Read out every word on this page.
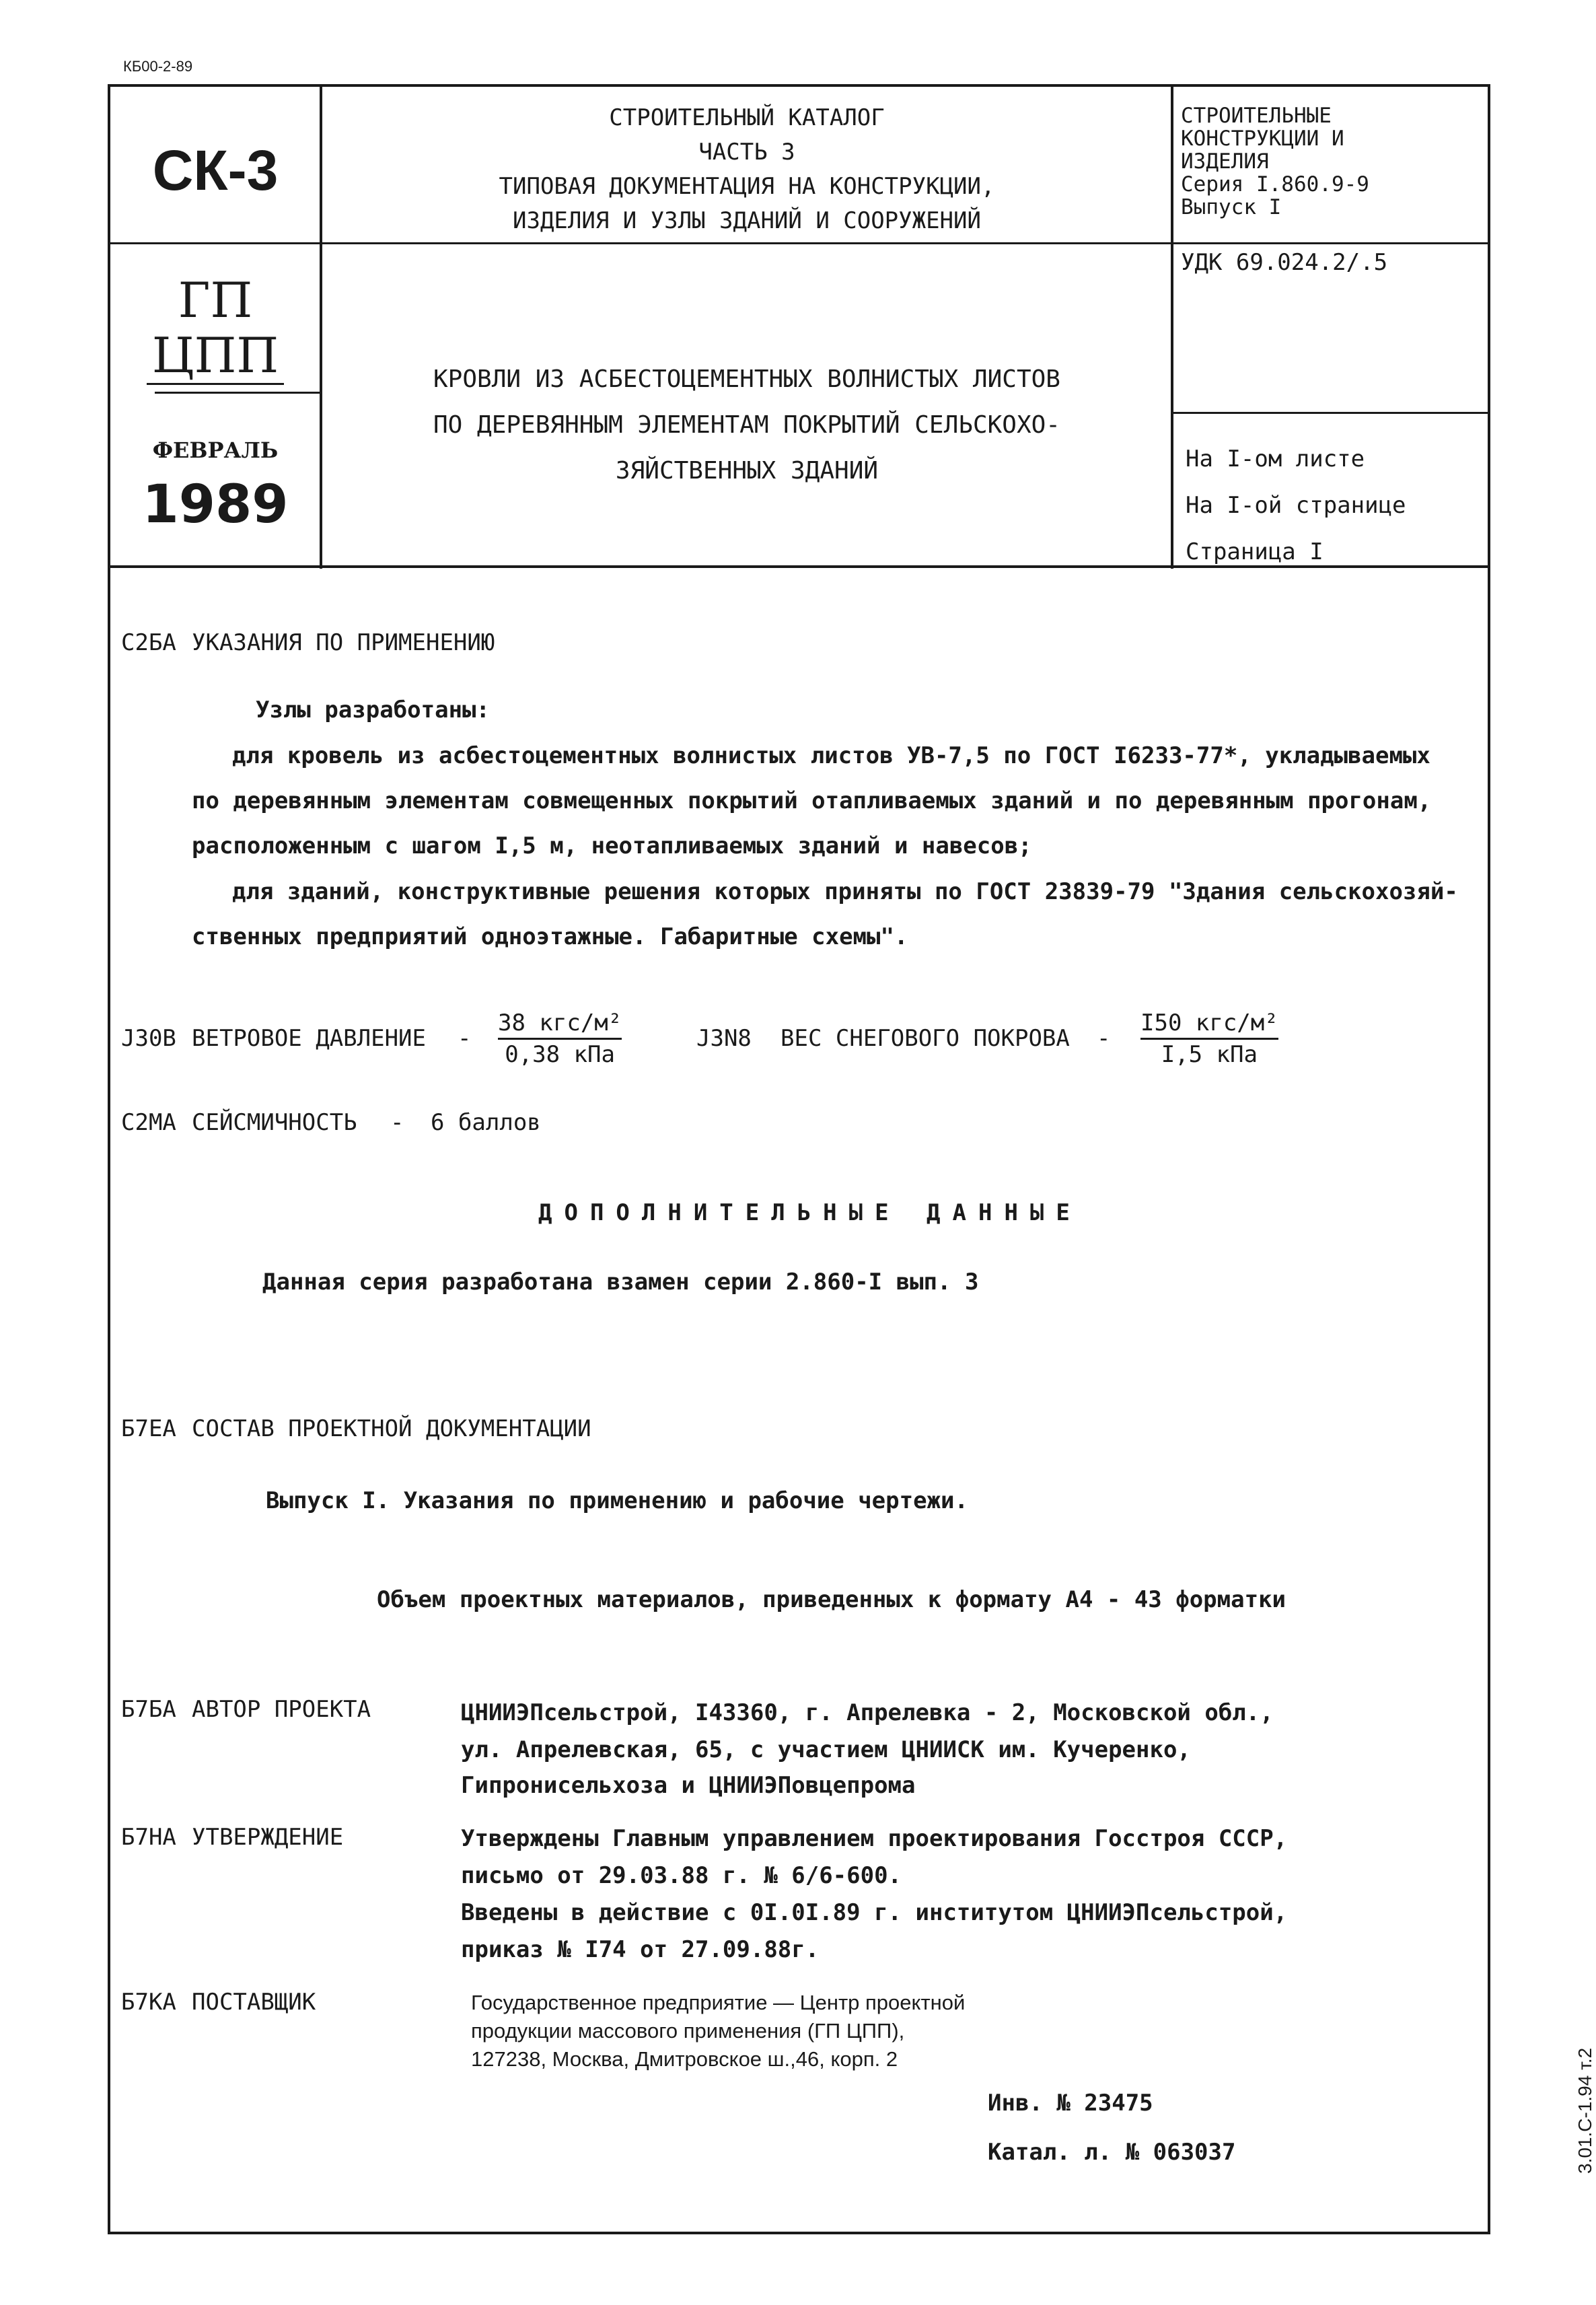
КБ00-2-89
СК-3
ГП
ЦПП
ФЕВРАЛЬ
1989
СТРОИТЕЛЬНЫЙ КАТАЛОГ
ЧАСТЬ 3
ТИПОВАЯ ДОКУМЕНТАЦИЯ НА КОНСТРУКЦИИ,
ИЗДЕЛИЯ И УЗЛЫ ЗДАНИЙ И СООРУЖЕНИЙ
КРОВЛИ ИЗ АСБЕСТОЦЕМЕНТНЫХ ВОЛНИСТЫХ ЛИСТОВ
ПО ДЕРЕВЯННЫМ ЭЛЕМЕНТАМ ПОКРЫТИЙ СЕЛЬСКОХО-
ЗЯЙСТВЕННЫХ ЗДАНИЙ
СТРОИТЕЛЬНЫЕ
КОНСТРУКЦИИ И
ИЗДЕЛИЯ
Серия I.860.9-9
Выпуск I
УДК 69.024.2/.5
На I-ом листе
На I-ой странице
Страница I
С2БА УКАЗАНИЯ ПО ПРИМЕНЕНИЮ
Узлы разработаны:
для кровель из асбестоцементных волнистых листов УВ-7,5 по ГОСТ I6233-77*, укладываемых
по деревянным элементам совмещенных покрытий отапливаемых зданий и по деревянным прогонам,
расположенным с шагом I,5 м, неотапливаемых зданий и навесов;
для зданий, конструктивные решения которых приняты по ГОСТ 23839-79 "Здания сельскохозяй-
ственных предприятий одноэтажные. Габаритные схемы".
J30B ВЕТРОВОЕ ДАВЛЕНИЕ -
38 кгс/м²
0,38 кПа
J3N8 ВЕС СНЕГОВОГО ПОКРОВА -
I50 кгс/м²
I,5 кПа
С2МА СЕЙСМИЧНОСТЬ - 6 баллов
ДОПОЛНИТЕЛЬНЫЕ ДАННЫЕ
Данная серия разработана взамен серии 2.860-I вып. 3
Б7ЕА СОСТАВ ПРОЕКТНОЙ ДОКУМЕНТАЦИИ
Выпуск I. Указания по применению и рабочие чертежи.
Объем проектных материалов, приведенных к формату А4 - 43 форматки
Б7БА АВТОР ПРОЕКТА	ЦНИИЭПсельстрой, I43360, г. Апрелевка - 2, Московской обл.,
ул. Апрелевская, 65, с участием ЦНИИСК им. Кучеренко,
Гипронисельхоза и ЦНИИЭПовцепрома
Б7НА УТВЕРЖДЕНИЕ	Утверждены Главным управлением проектирования Госстроя СССР,
письмо от 29.03.88 г. № 6/6-600.
Введены в действие с 0I.0I.89 г. институтом ЦНИИЭПсельстрой,
приказ № I74 от 27.09.88г.
Б7КА ПОСТАВЩИК	Государственное предприятие — Центр проектной
продукции массового применения (ГП ЦПП),
127238, Москва, Дмитровское ш.,46, корп. 2
Инв. № 23475
Катал. л. № 063037	3.01.С-1.94 т.2
